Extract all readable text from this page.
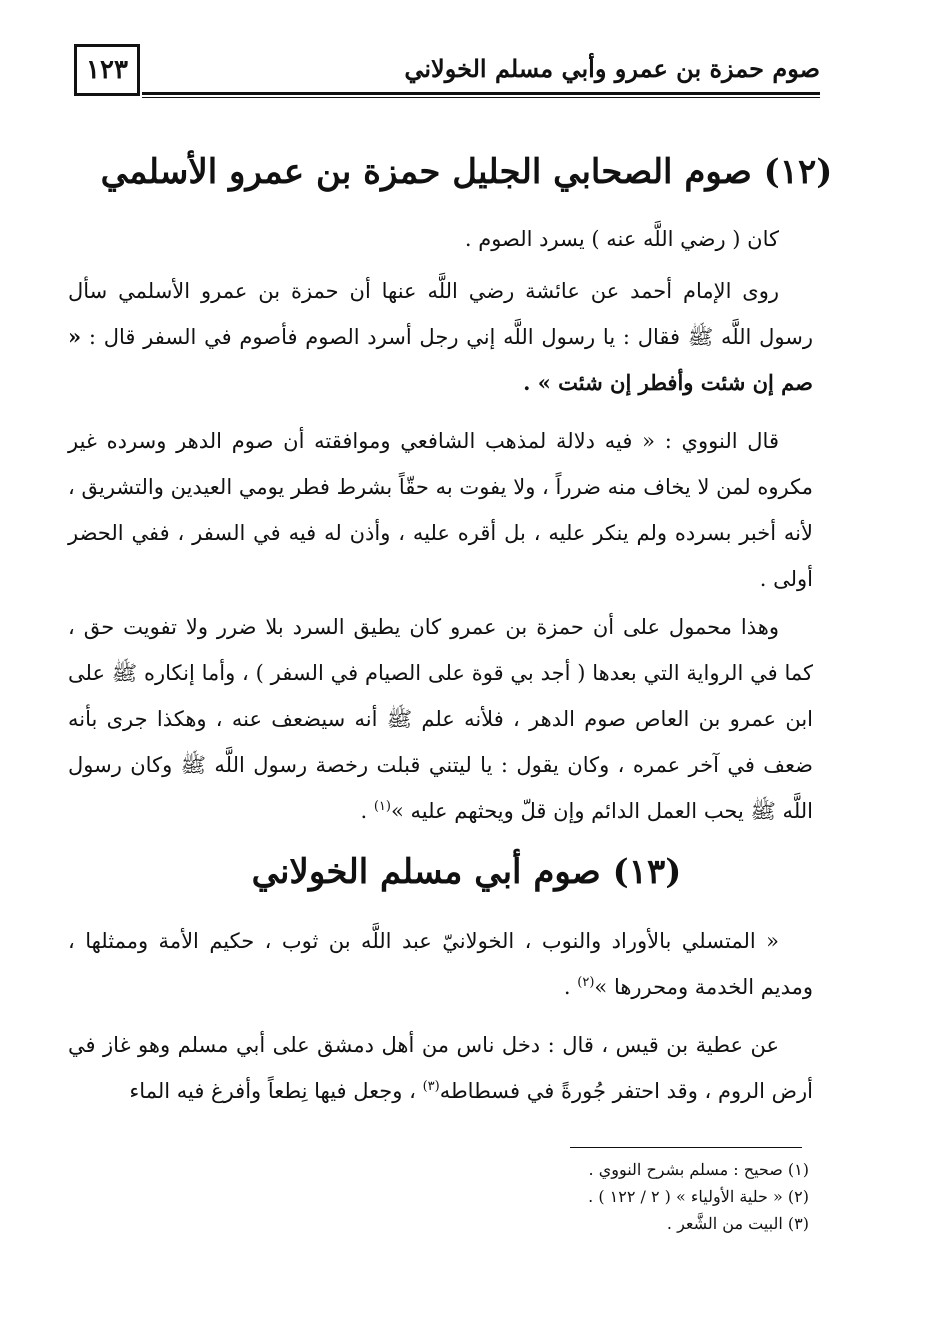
١٢٣	صوم حمزة بن عمرو وأبي مسلم الخولاني
(١٢) صوم الصحابي الجليل حمزة بن عمرو الأسلمي
كان ( رضي اللَّه عنه ) يسرد الصوم .
روى الإمام أحمد عن عائشة رضي اللَّه عنها أن حمزة بن عمرو الأسلمي سأل رسول اللَّه ﷺ فقال : يا رسول اللَّه إني رجل أسرد الصوم فأصوم في السفر قال : « صم إن شئت وأفطر إن شئت » .
قال النووي : « فيه دلالة لمذهب الشافعي وموافقته أن صوم الدهر وسرده غير مكروه لمن لا يخاف منه ضرراً ، ولا يفوت به حقّاً بشرط فطر يومي العيدين والتشريق ، لأنه أخبر بسرده ولم ينكر عليه ، بل أقره عليه ، وأذن له فيه في السفر ، ففي الحضر أولى .
وهذا محمول على أن حمزة بن عمرو كان يطيق السرد بلا ضرر ولا تفويت حق ، كما في الرواية التي بعدها ( أجد بي قوة على الصيام في السفر ) ، وأما إنكاره ﷺ على ابن عمرو بن العاص صوم الدهر ، فلأنه علم ﷺ أنه سيضعف عنه ، وهكذا جرى بأنه ضعف في آخر عمره ، وكان يقول : يا ليتني قبلت رخصة رسول اللَّه ﷺ وكان رسول اللَّه ﷺ يحب العمل الدائم وإن قلّ ويحثهم عليه »$^{(١)}$ .
(١٣) صوم أبي مسلم الخولاني
« المتسلي بالأوراد والنوب ، الخولانيّ عبد اللَّه بن ثوب ، حكيم الأمة وممثلها ، ومديم الخدمة ومحررها »$^{(٢)}$ .
عن عطية بن قيس ، قال : دخل ناس من أهل دمشق على أبي مسلم وهو غاز في أرض الروم ، وقد احتفر جُورةً في فسطاطه$^{(٣)}$ ، وجعل فيها نِطعاً وأفرغ فيه الماء
(١) صحيح : مسلم بشرح النووي .
(٢) « حلية الأولياء » ( ٢ / ١٢٢ ) .
(٣) البيت من الشَّعر .
